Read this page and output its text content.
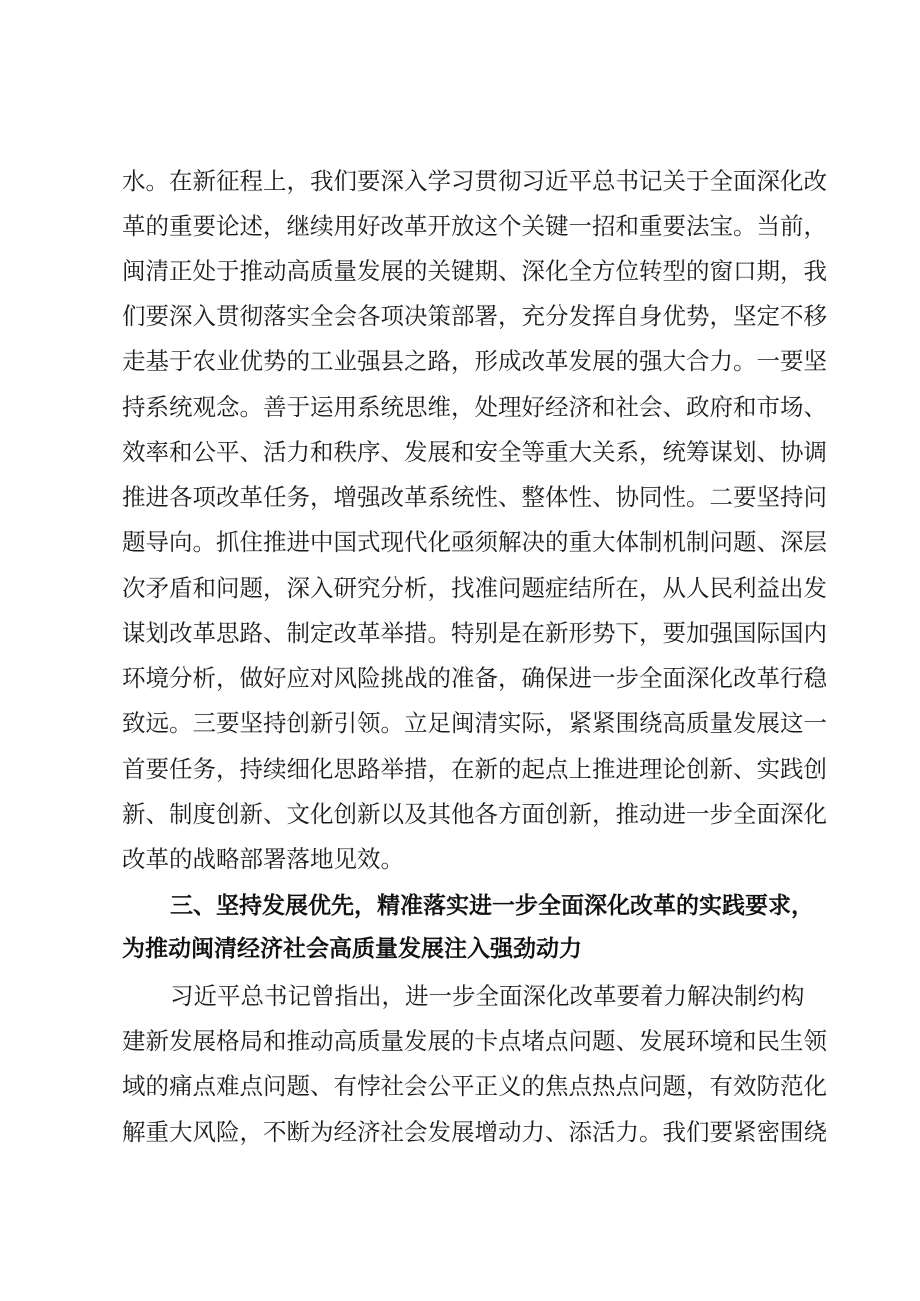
水。在新征程上，我们要深入学习贯彻习近平总书记关于全面深化改

革的重要论述，继续用好改革开放这个关键一招和重要法宝。当前，

闽清正处于推动高质量发展的关键期、深化全方位转型的窗口期，我

们要深入贯彻落实全会各项决策部署，充分发挥自身优势，坚定不移

走基于农业优势的工业强县之路，形成改革发展的强大合力。一要坚

持系统观念。善于运用系统思维，处理好经济和社会、政府和市场、

效率和公平、活力和秩序、发展和安全等重大关系，统筹谋划、协调

推进各项改革任务，增强改革系统性、整体性、协同性。二要坚持问

题导向。抓住推进中国式现代化亟须解决的重大体制机制问题、深层

次矛盾和问题，深入研究分析，找准问题症结所在，从人民利益出发

谋划改革思路、制定改革举措。特别是在新形势下，要加强国际国内

环境分析，做好应对风险挑战的准备，确保进一步全面深化改革行稳

致远。三要坚持创新引领。立足闽清实际，紧紧围绕高质量发展这一

首要任务，持续细化思路举措，在新的起点上推进理论创新、实践创

新、制度创新、文化创新以及其他各方面创新，推动进一步全面深化

改革的战略部署落地见效。

三、坚持发展优先，精准落实进一步全面深化改革的实践要求，
为推动闽清经济社会高质量发展注入强劲动力

习近平总书记曾指出，进一步全面深化改革要着力解决制约构

建新发展格局和推动高质量发展的卡点堵点问题、发展环境和民生领

域的痛点难点问题、有悖社会公平正义的焦点热点问题，有效防范化

解重大风险，不断为经济社会发展增动力、添活力。我们要紧密围绕
